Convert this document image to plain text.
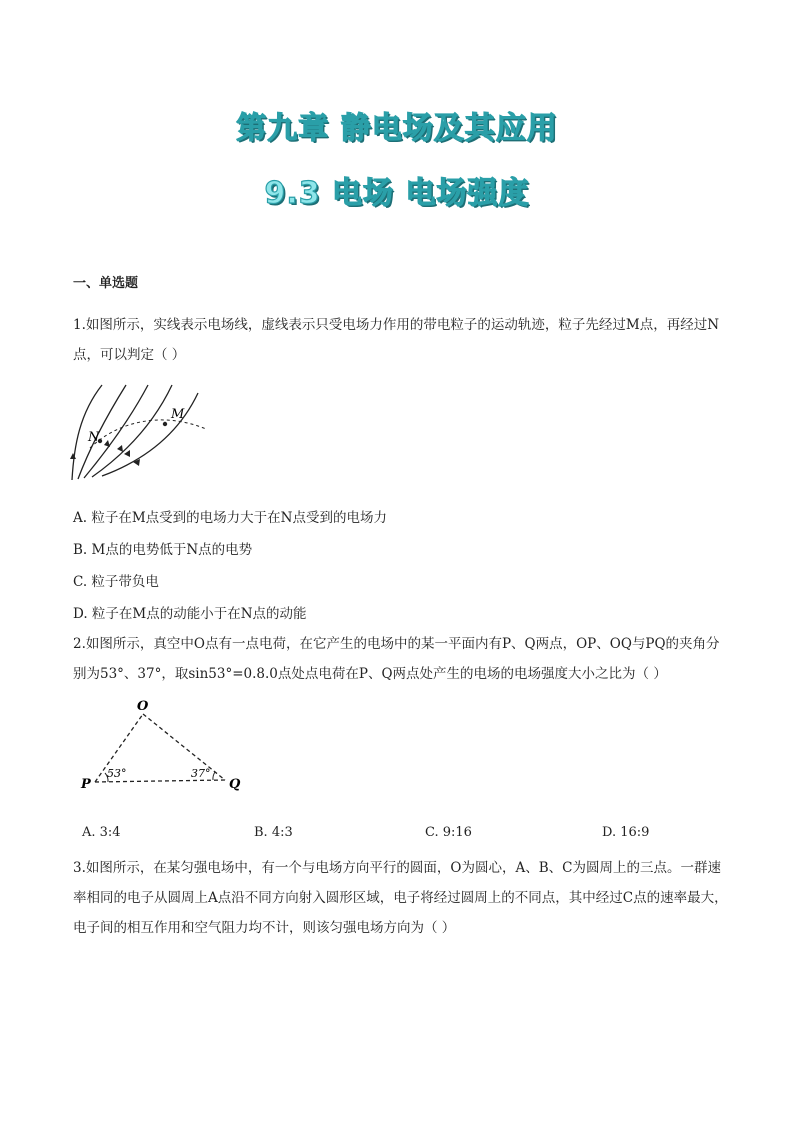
第九章 静电场及其应用
9.3 电场 电场强度
一、单选题
1.如图所示，实线表示电场线，虚线表示只受电场力作用的带电粒子的运动轨迹，粒子先经过M点，再经过N点，可以判定（ ）
M
N
A. 粒子在M点受到的电场力大于在N点受到的电场力
B. M点的电势低于N点的电势
C. 粒子带负电
D. 粒子在M点的动能小于在N点的动能
2.如图所示，真空中O点有一点电荷，在它产生的电场中的某一平面内有P、Q两点，OP、OQ与PQ的夹角分别为53°、37°，取sin53°=0.8.0点处点电荷在P、Q两点处产生的电场的电场强度大小之比为（ ）
O
P	Q
53°	37°
A. 3:4	B. 4:3	C. 9:16	D. 16:9
3.如图所示，在某匀强电场中，有一个与电场方向平行的圆面，O为圆心，A、B、C为圆周上的三点。一群速率相同的电子从圆周上A点沿不同方向射入圆形区域，电子将经过圆周上的不同点，其中经过C点的速率最大，电子间的相互作用和空气阻力均不计，则该匀强电场方向为（ ）
